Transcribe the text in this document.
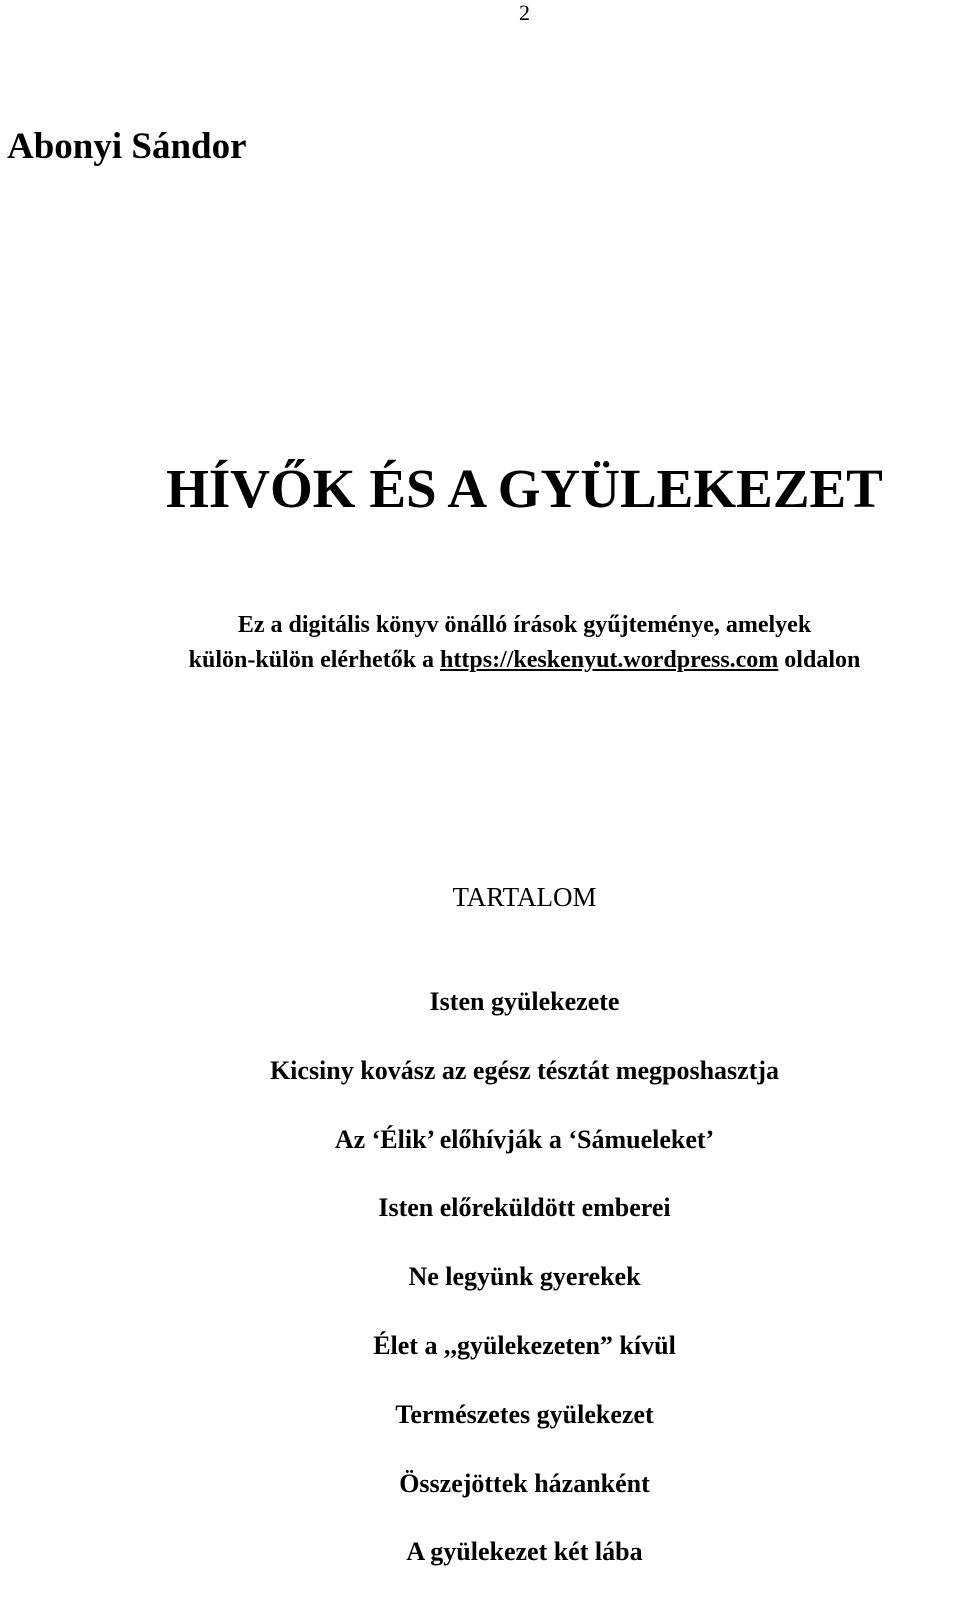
2
Abonyi Sándor
HÍVŐK ÉS A GYÜLEKEZET
Ez a digitális könyv önálló írások gyűjteménye, amelyek
külön-külön elérhetők a https://keskenyut.wordpress.com oldalon
TARTALOM
Isten gyülekezete
Kicsiny kovász az egész tésztát megposhasztja
Az ‘Élik’ előhívják a ‘Sámueleket’
Isten előreküldött emberei
Ne legyünk gyerekek
Élet a ,,gyülekezeten” kívül
Természetes gyülekezet
Összejöttek házanként
A gyülekezet két lába
